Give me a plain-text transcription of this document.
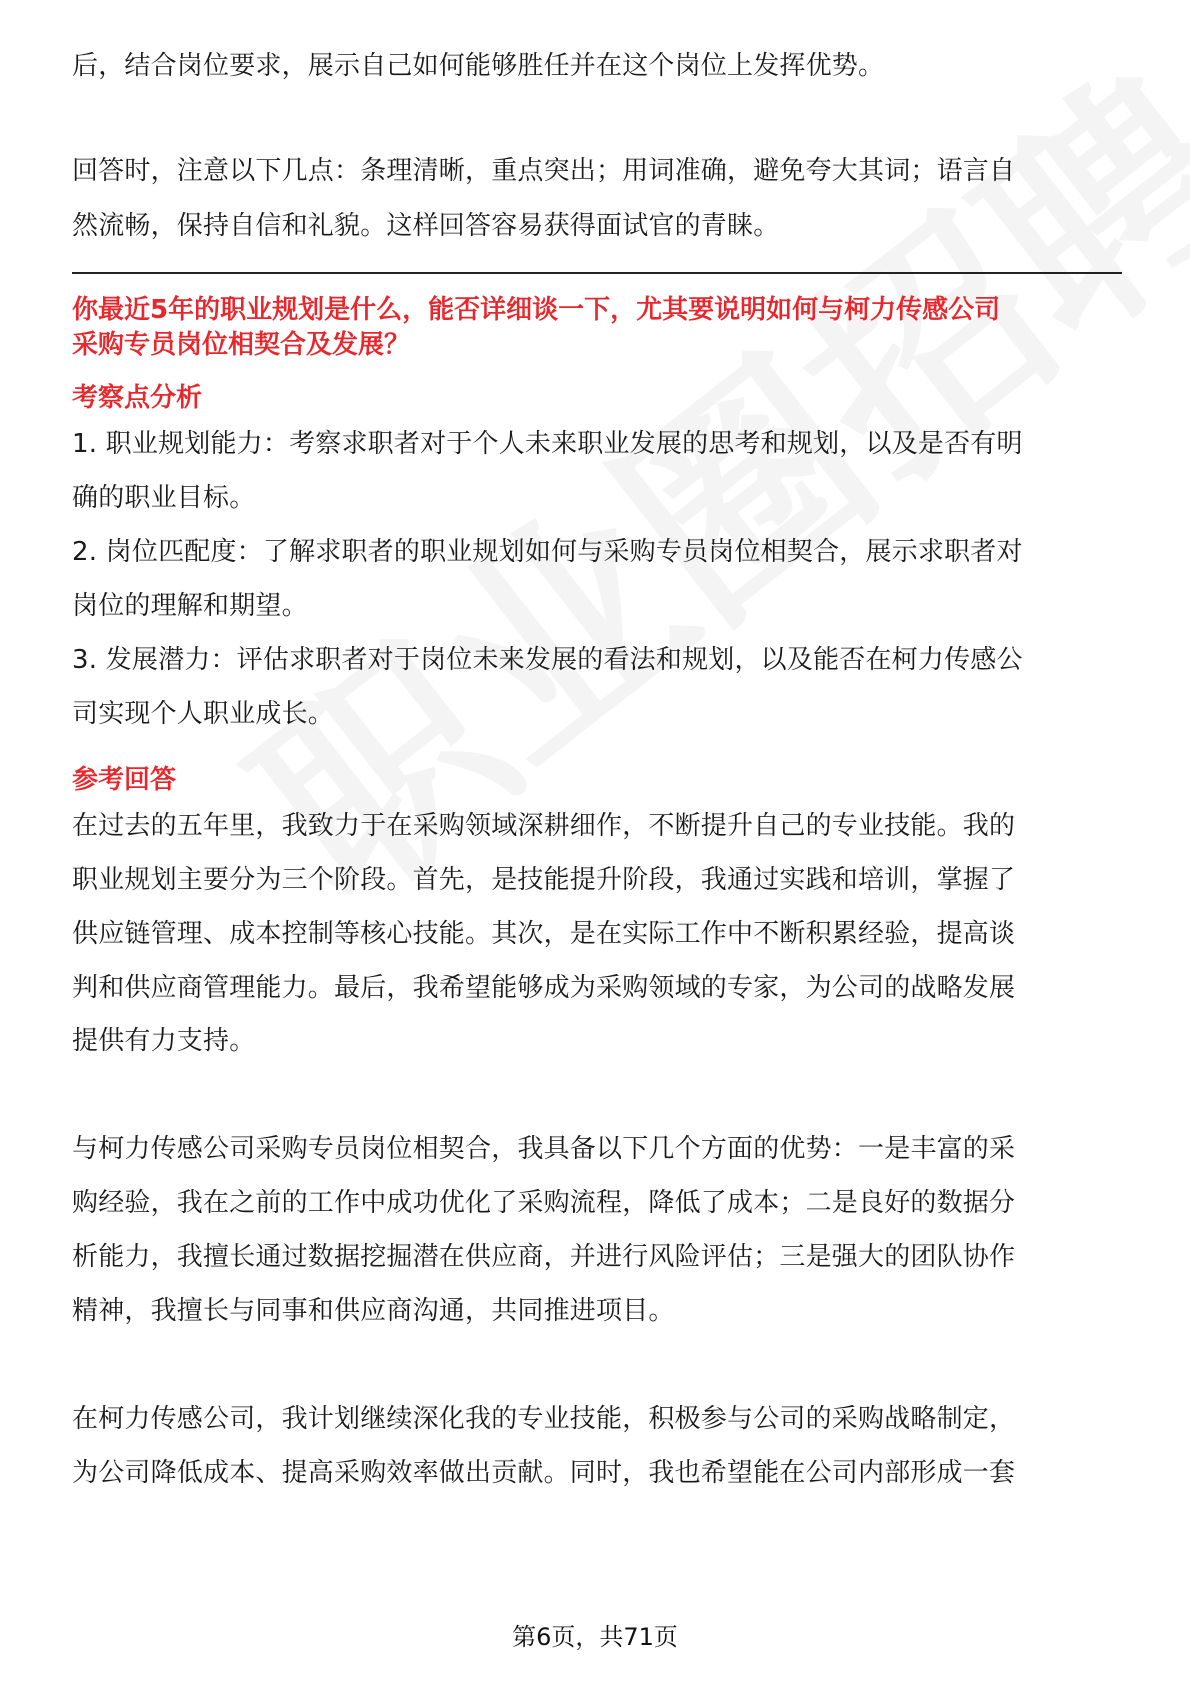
后，结合岗位要求，展示自己如何能够胜任并在这个岗位上发挥优势。

回答时，注意以下几点：条理清晰，重点突出；用词准确，避免夸大其词；语言自

然流畅，保持自信和礼貌。这样回答容易获得面试官的青睐。

你最近5年的职业规划是什么，能否详细谈一下，尤其要说明如何与柯力传感公司

采购专员岗位相契合及发展？

考察点分析

1. 职业规划能力：考察求职者对于个人未来职业发展的思考和规划，以及是否有明

确的职业目标。

2. 岗位匹配度：了解求职者的职业规划如何与采购专员岗位相契合，展示求职者对

岗位的理解和期望。

3. 发展潜力：评估求职者对于岗位未来发展的看法和规划，以及能否在柯力传感公

司实现个人职业成长。

参考回答

在过去的五年里，我致力于在采购领域深耕细作，不断提升自己的专业技能。我的

职业规划主要分为三个阶段。首先，是技能提升阶段，我通过实践和培训，掌握了

供应链管理、成本控制等核心技能。其次，是在实际工作中不断积累经验，提高谈

判和供应商管理能力。最后，我希望能够成为采购领域的专家，为公司的战略发展

提供有力支持。

与柯力传感公司采购专员岗位相契合，我具备以下几个方面的优势：一是丰富的采

购经验，我在之前的工作中成功优化了采购流程，降低了成本；二是良好的数据分

析能力，我擅长通过数据挖掘潜在供应商，并进行风险评估；三是强大的团队协作

精神，我擅长与同事和供应商沟通，共同推进项目。

在柯力传感公司，我计划继续深化我的专业技能，积极参与公司的采购战略制定，

为公司降低成本、提高采购效率做出贡献。同时，我也希望能在公司内部形成一套

第6页，共71页
